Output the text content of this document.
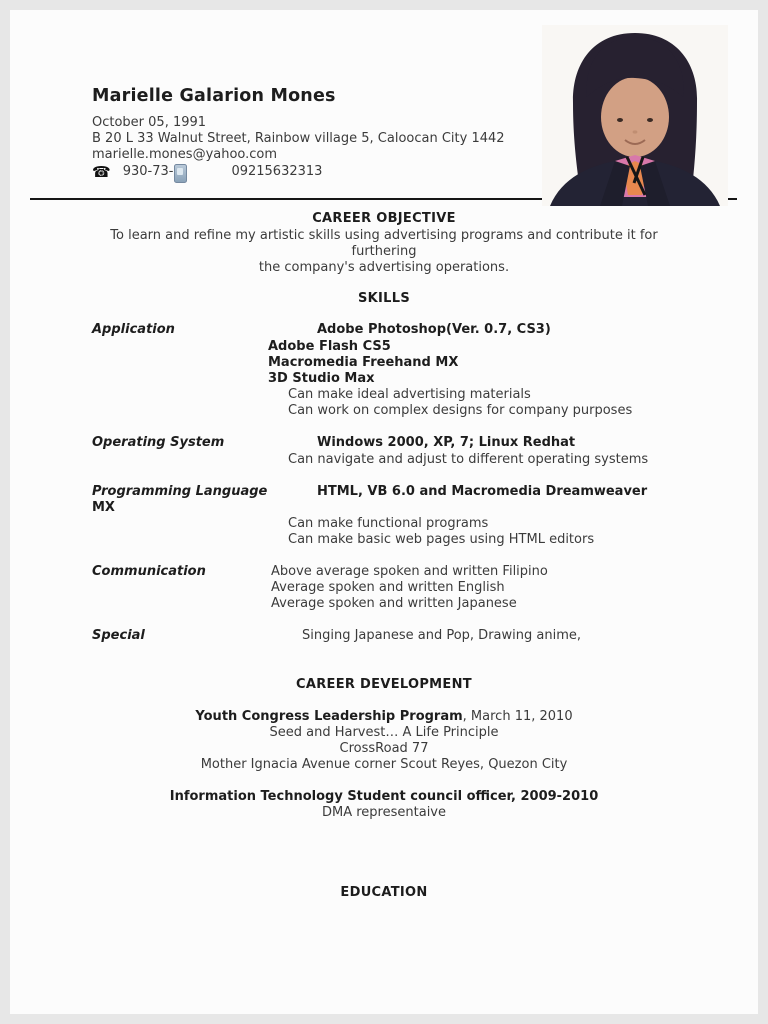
Marielle Galarion Mones
October 05, 1991
B 20 L 33 Walnut Street, Rainbow village 5, Caloocan City 1442
marielle.mones@yahoo.com
☎ 930-73-	09215632313
CAREER OBJECTIVE
To learn and refine my artistic skills using advertising programs and contribute it for
furthering
the company's advertising operations.
SKILLS
Application	Adobe Photoshop(Ver. 0.7, CS3)
Adobe Flash CS5
Macromedia Freehand MX
3D Studio Max
Can make ideal advertising materials
Can work on complex designs for company purposes
Operating System	Windows 2000, XP, 7; Linux Redhat
Can navigate and adjust to different operating systems
Programming Language	HTML, VB 6.0 and Macromedia Dreamweaver
MX
Can make functional programs
Can make basic web pages using HTML editors
Communication	Above average spoken and written Filipino
Average spoken and written English
Average spoken and written Japanese
Special	Singing Japanese and Pop, Drawing anime,
CAREER DEVELOPMENT
Youth Congress Leadership Program, March 11, 2010
Seed and Harvest… A Life Principle
CrossRoad 77
Mother Ignacia Avenue corner Scout Reyes, Quezon City
Information Technology Student council officer, 2009-2010
DMA representaive
EDUCATION
